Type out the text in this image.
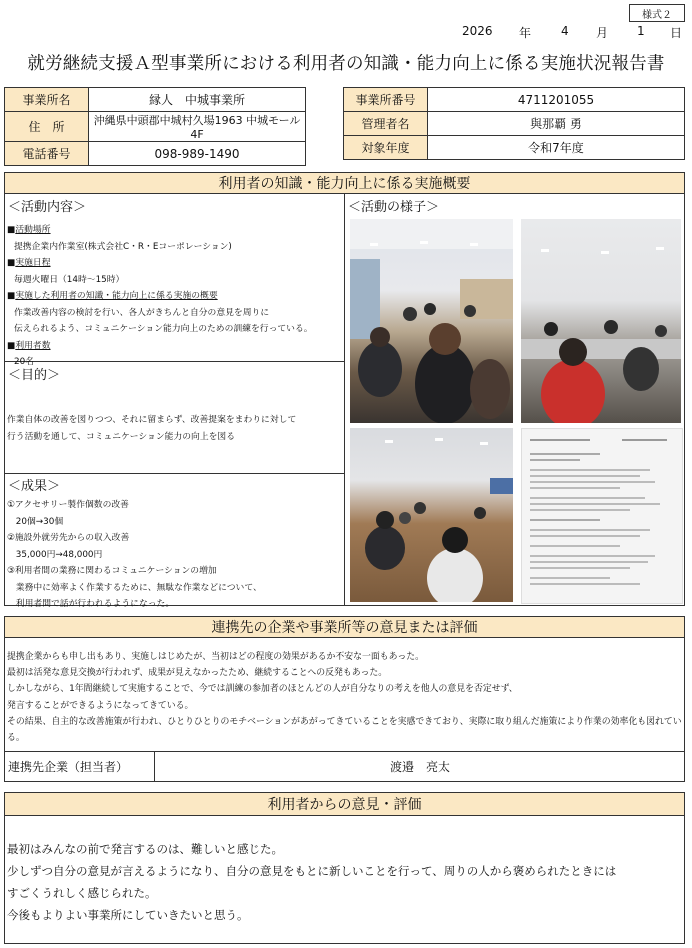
様式２
2026 年 4 月 1 日
就労継続支援Ａ型事業所における利用者の知識・能力向上に係る実施状況報告書
事業所名	縁人　中城事業所
住　所	沖縄県中頭郡中城村久場1963 中城モール4F
電話番号	098-989-1490
事業所番号	4711201055
管理者名	與那覇 勇
対象年度	令和7年度
利用者の知識・能力向上に係る実施概要
＜活動内容＞
■活動場所
提携企業内作業室(株式会社C・R・Eコーポレーション)
■実施日程
毎週火曜日（14時～15時）
■実施した利用者の知識・能力向上に係る実施の概要
作業改善内容の検討を行い、各人がきちんと自分の意見を周りに
伝えられるよう、コミュニケーション能力向上のための訓練を行っている。
■利用者数
20名
＜目的＞
作業自体の改善を図りつつ、それに留まらず、改善提案をまわりに対して
行う活動を通して、コミュニケーション能力の向上を図る
＜成果＞
①アクセサリー製作個数の改善
　20個→30個
②施設外就労先からの収入改善
　35,000円→48,000円
③利用者間の業務に関わるコミュニケーションの増加
　業務中に効率よく作業するために、無駄な作業などについて、
　利用者間で話が行われるようになった。
＜活動の様子＞
連携先の企業や事業所等の意見または評価
提携企業からも申し出もあり、実施しはじめたが、当初はどの程度の効果があるか不安な一面もあった。
最初は活発な意見交換が行われず、成果が見えなかったため、継続することへの反発もあった。
しかしながら、1年間継続して実施することで、今では訓練の参加者のほとんどの人が自分なりの考えを他人の意見を否定せず、
発言することができるようになってきている。
その結果、自主的な改善施策が行われ、ひとりひとりのモチベーションがあがってきていることを実感できており、実際に取り組んだ施策により作業の効率化も図れている。
連携先企業（担当者）	渡邉　亮太
利用者からの意見・評価
最初はみんなの前で発言するのは、難しいと感じた。
少しずつ自分の意見が言えるようになり、自分の意見をもとに新しいことを行って、周りの人から褒められたときには
すごくうれしく感じられた。
今後もよりよい事業所にしていきたいと思う。
